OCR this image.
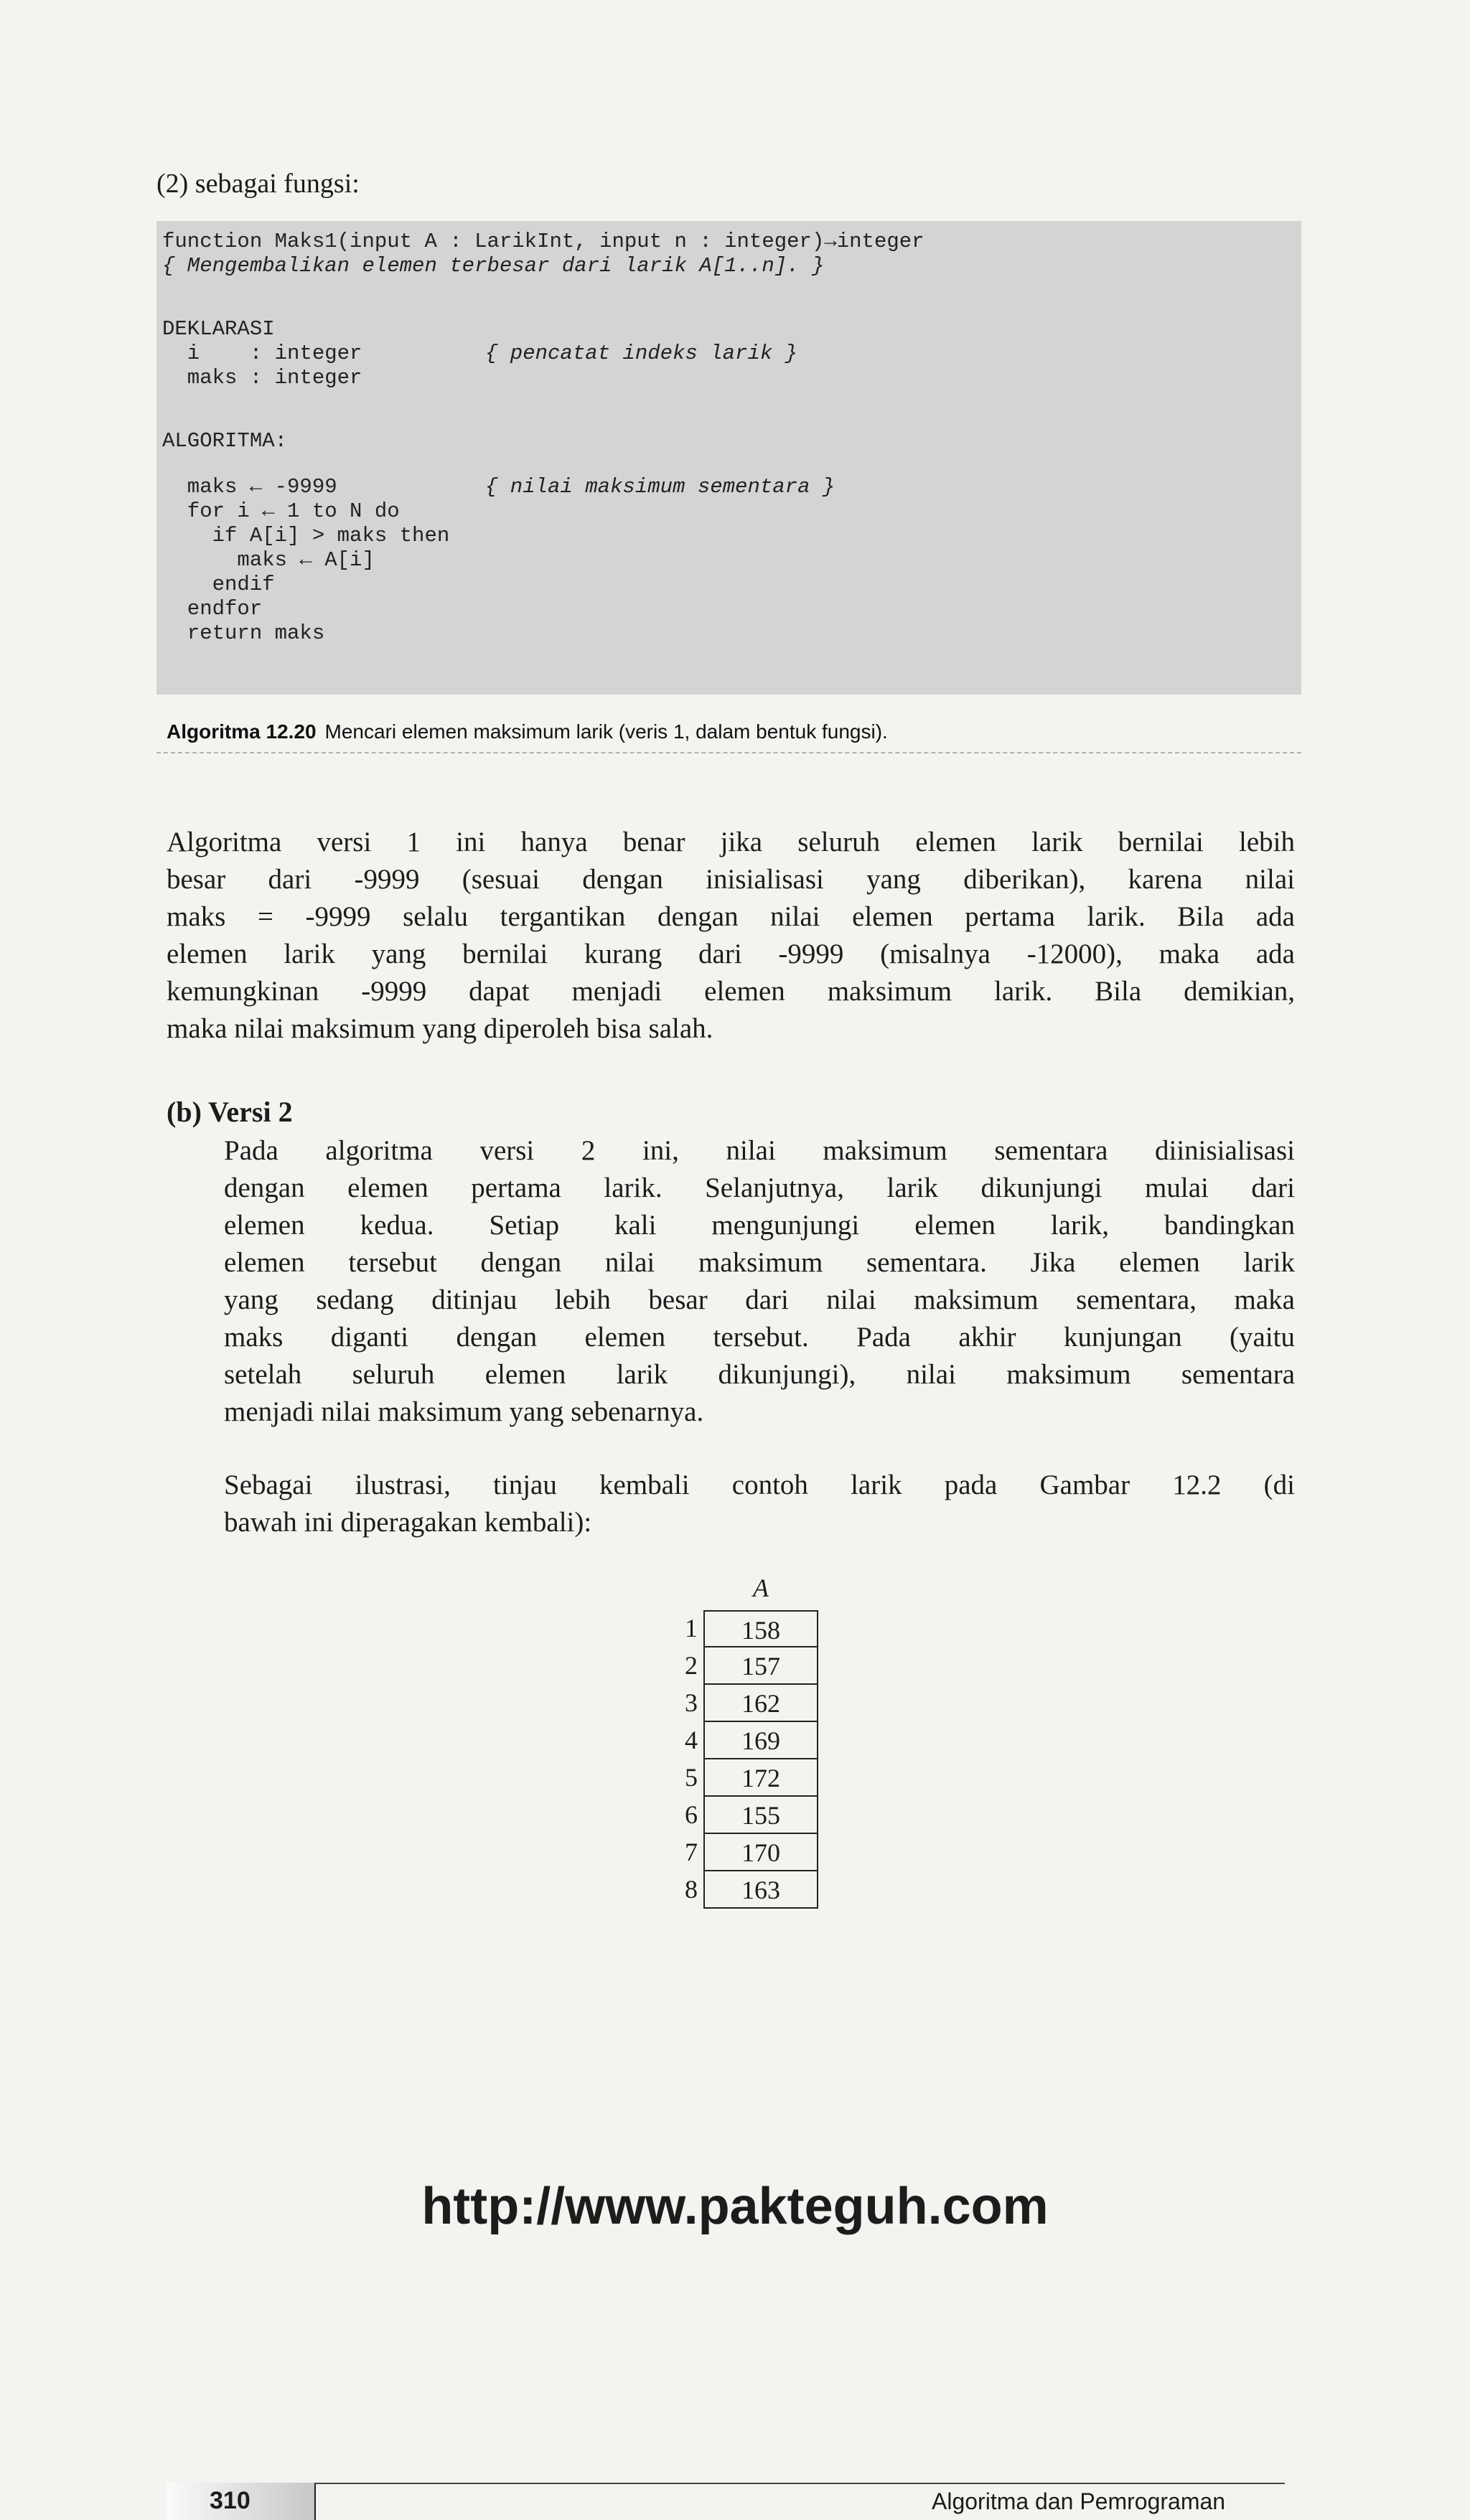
(2) sebagai fungsi:
function Maks1(input A : LarikInt, input n : integer)→integer
{ Mengembalikan elemen terbesar dari larik A[1..n]. }
DEKLARASI
i    : integer	{ pencatat indeks larik }
maks : integer
ALGORITMA:
maks ← -9999	{ nilai maksimum sementara }
for i ← 1 to N do
if A[i] > maks then
maks ← A[i]
endif
endfor
return maks
Algoritma 12.20 Mencari elemen maksimum larik (veris 1, dalam bentuk fungsi).
Algoritma versi 1 ini hanya benar jika seluruh elemen larik bernilai lebih
besar dari -9999 (sesuai dengan inisialisasi yang diberikan), karena nilai
maks = -9999 selalu tergantikan dengan nilai elemen pertama larik. Bila ada
elemen larik yang bernilai kurang dari -9999 (misalnya -12000), maka ada
kemungkinan -9999 dapat menjadi elemen maksimum larik. Bila demikian,
maka nilai maksimum yang diperoleh bisa salah.
(b) Versi 2
Pada algoritma versi 2 ini, nilai maksimum sementara diinisialisasi
dengan elemen pertama larik. Selanjutnya, larik dikunjungi mulai dari
elemen kedua. Setiap kali mengunjungi elemen larik, bandingkan
elemen tersebut dengan nilai maksimum sementara. Jika elemen larik
yang sedang ditinjau lebih besar dari nilai maksimum sementara, maka
maks diganti dengan elemen tersebut. Pada akhir kunjungan (yaitu
setelah seluruh elemen larik dikunjungi), nilai maksimum sementara
menjadi nilai maksimum yang sebenarnya.
Sebagai ilustrasi, tinjau kembali contoh larik pada Gambar 12.2 (di
bawah ini diperagakan kembali):
A
1	158
2	157
3	162
4	169
5	172
6	155
7	170
8	163
310	Algoritma dan Pemrograman
http://www.pakteguh.com
